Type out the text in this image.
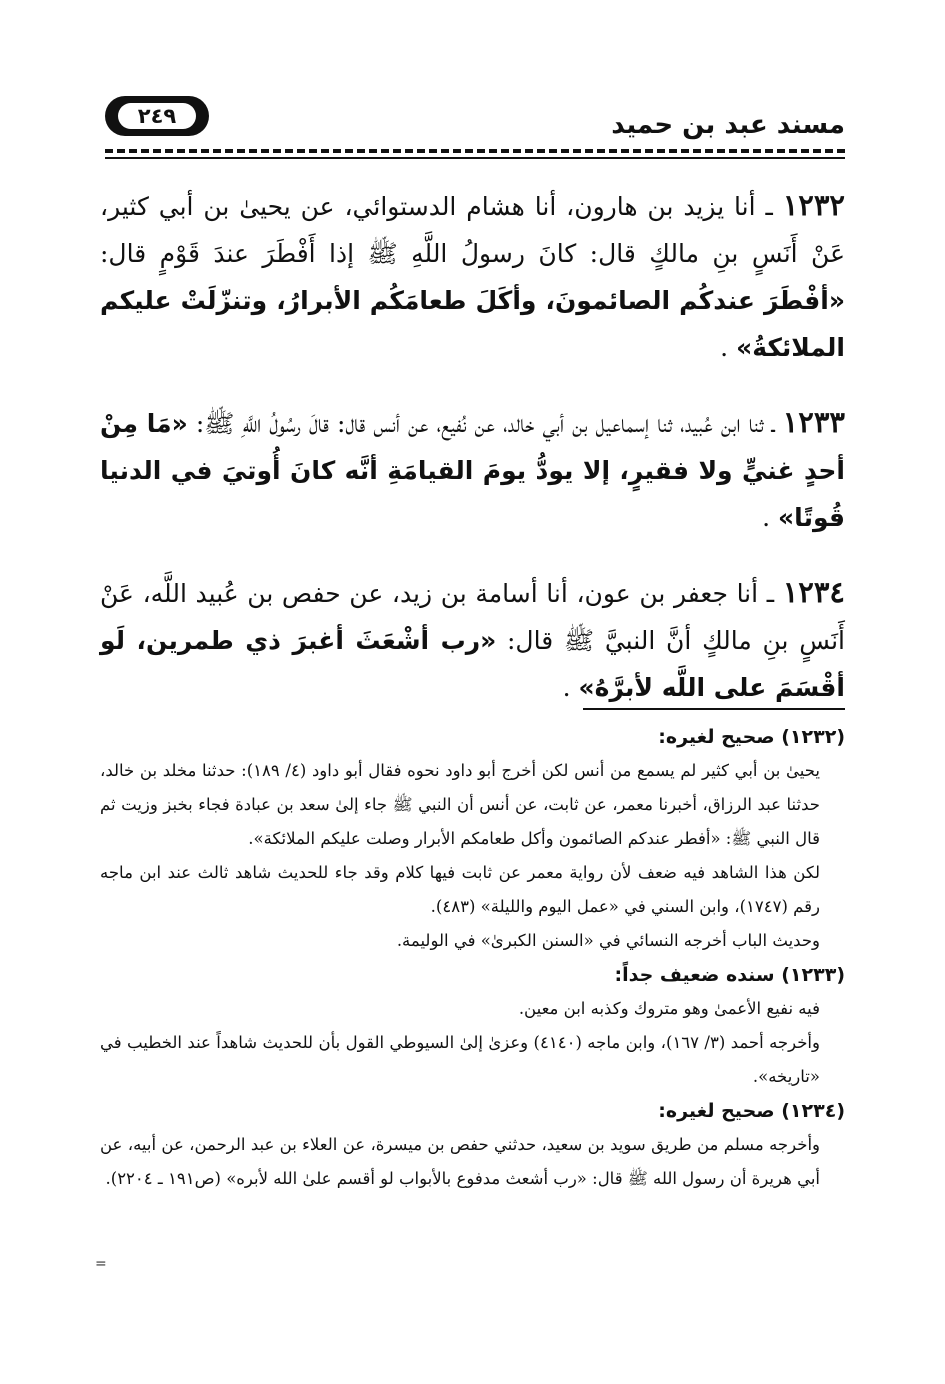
مسند عبد بن حميد
٢٤٩

١٢٣٢ ـ أنا يزيد بن هارون، أنا هشام الدستوائي، عن يحيىٰ بن أبي كثير، عَنْ أَنَسٍ بنِ مالكٍ قال: كانَ رسولُ اللَّهِ ﷺ إذا أَفْطَرَ عندَ قَوْمٍ قال: «أفْطَرَ عندكُم الصائمونَ، وأكَلَ طعامَكُم الأبرارُ، وتنزّلَتْ عليكم الملائكةُ» .

١٢٣٣ ـ ثنا ابن عُبيد، ثنا إسماعيل بن أبي خالد، عن نُفيع، عن أنس قال: قالَ رسُولُ اللَّهِ ﷺ: «مَا مِنْ أحدٍ غنيٍّ ولا فقيرٍ، إلا يودُّ يومَ القيامَةِ أنَّه كانَ أُوتيَ في الدنيا قُوتًا» .

١٢٣٤ ـ أنا جعفر بن عون، أنا أسامة بن زيد، عن حفص بن عُبيد اللَّه، عَنْ أَنَسٍ بنِ مالكٍ أنَّ النبيَّ ﷺ قال: «رب أشْعَثَ أغبرَ ذي طمرين، لَو أقْسَمَ على اللَّه لأبرَّهُ» .

(١٢٣٢) صحيح لغيره:

يحيىٰ بن أبي كثير لم يسمع من أنس لكن أخرج أبو داود نحوه فقال أبو داود (٤/ ١٨٩): حدثنا مخلد بن خالد، حدثنا عبد الرزاق، أخبرنا معمر، عن ثابت، عن أنس أن النبي ﷺ جاء إلىٰ سعد بن عبادة فجاء بخبز وزيت ثم قال النبي ﷺ: «أفطر عندكم الصائمون وأكل طعامكم الأبرار وصلت عليكم الملائكة».

لكن هذا الشاهد فيه ضعف لأن رواية معمر عن ثابت فيها كلام وقد جاء للحديث شاهد ثالث عند ابن ماجه رقم (١٧٤٧)، وابن السني في «عمل اليوم والليلة» (٤٨٣).

وحديث الباب أخرجه النسائي في «السنن الكبرىٰ» في الوليمة.

(١٢٣٣) سنده ضعيف جداً:

فيه نفيع الأعمىٰ وهو متروك وكذبه ابن معين.

وأخرجه أحمد (٣/ ١٦٧)، وابن ماجه (٤١٤٠) وعزىٰ إلىٰ السيوطي القول بأن للحديث شاهداً عند الخطيب في «تاريخه».

(١٢٣٤) صحيح لغيره:

وأخرجه مسلم من طريق سويد بن سعيد، حدثني حفص بن ميسرة، عن العلاء بن عبد الرحمن، عن أبيه، عن أبي هريرة أن رسول الله ﷺ قال: «رب أشعث مدفوع بالأبواب لو أقسم علىٰ الله لأبره» (ص١٩١ ـ ٢٢٠٤).

=
